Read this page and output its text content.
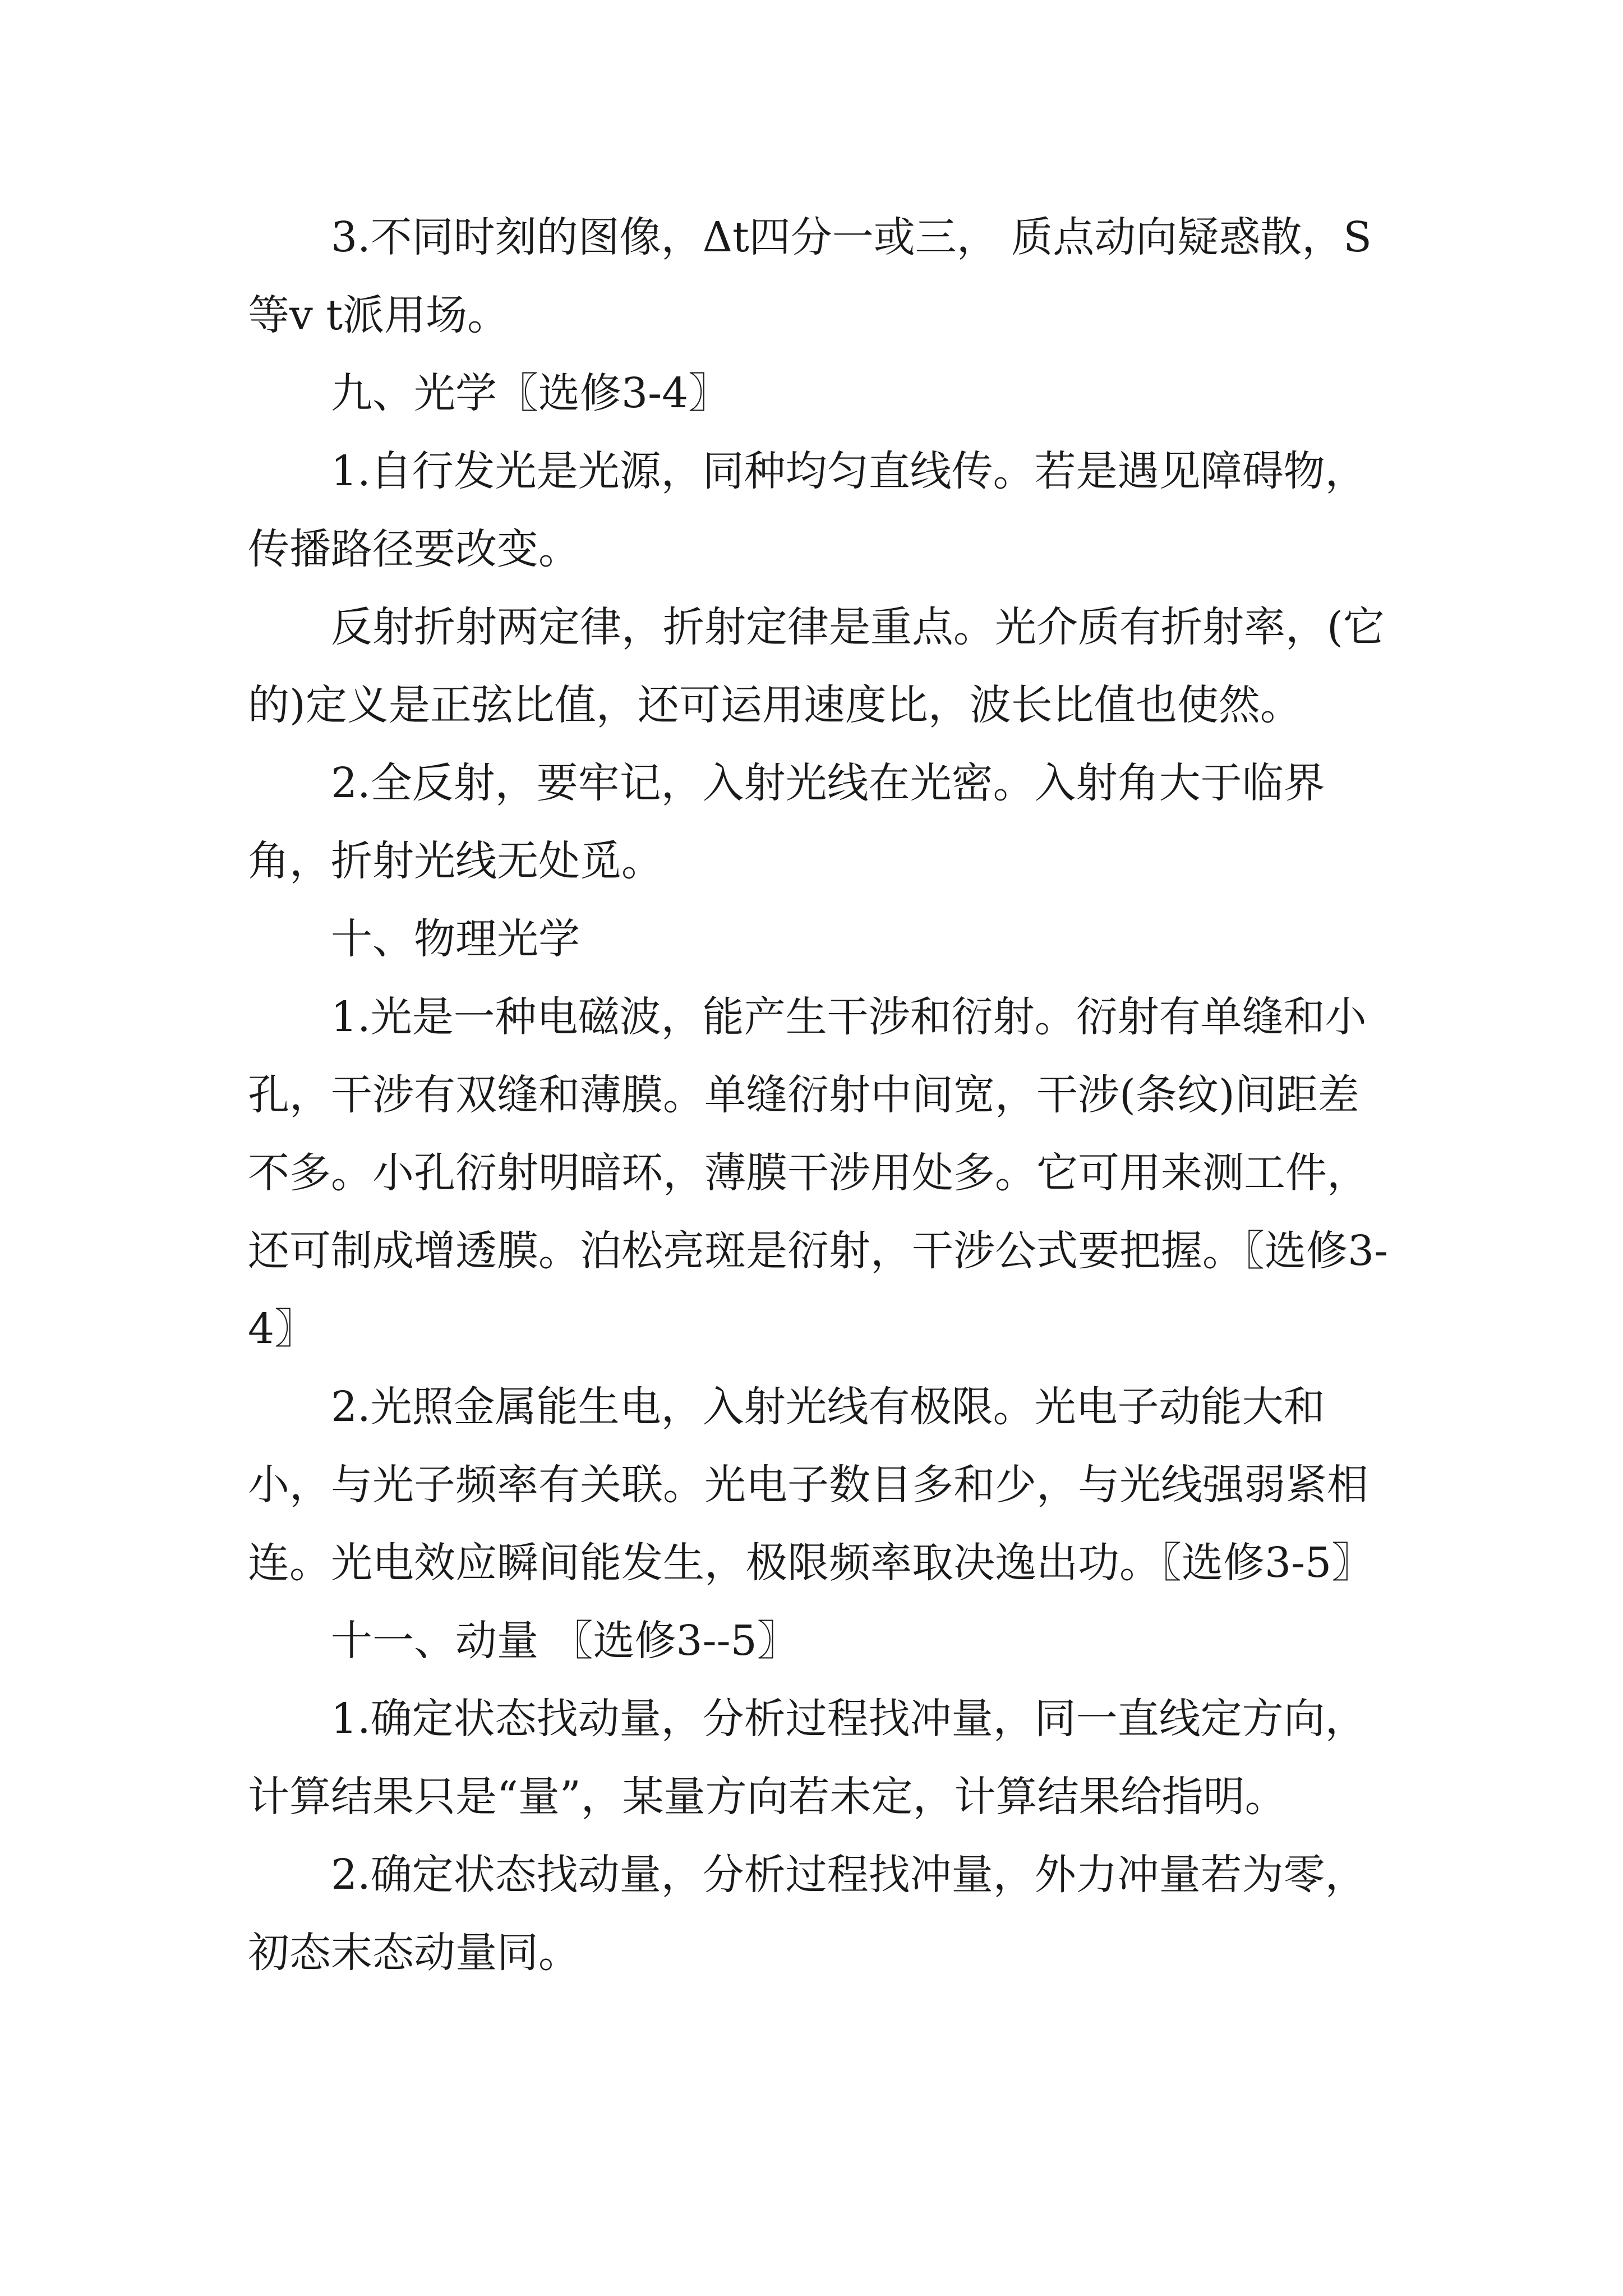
3.不同时刻的图像，Δt四分一或三， 质点动向疑惑散，S等v t派用场。

九、光学〖选修3-4〗

1.自行发光是光源，同种均匀直线传。若是遇见障碍物，传播路径要改变。

反射折射两定律，折射定律是重点。光介质有折射率，(它的)定义是正弦比值，还可运用速度比，波长比值也使然。

2.全反射，要牢记，入射光线在光密。入射角大于临界角，折射光线无处觅。

十、物理光学

1.光是一种电磁波，能产生干涉和衍射。衍射有单缝和小孔，干涉有双缝和薄膜。单缝衍射中间宽，干涉(条纹)间距差不多。小孔衍射明暗环，薄膜干涉用处多。它可用来测工件，还可制成增透膜。泊松亮斑是衍射，干涉公式要把握。〖选修3-4〗

2.光照金属能生电，入射光线有极限。光电子动能大和小，与光子频率有关联。光电子数目多和少，与光线强弱紧相连。光电效应瞬间能发生，极限频率取决逸出功。〖选修3-5〗

十一、动量 〖选修3--5〗

1.确定状态找动量，分析过程找冲量，同一直线定方向，计算结果只是“量”，某量方向若未定，计算结果给指明。

2.确定状态找动量，分析过程找冲量，外力冲量若为零，初态末态动量同。
